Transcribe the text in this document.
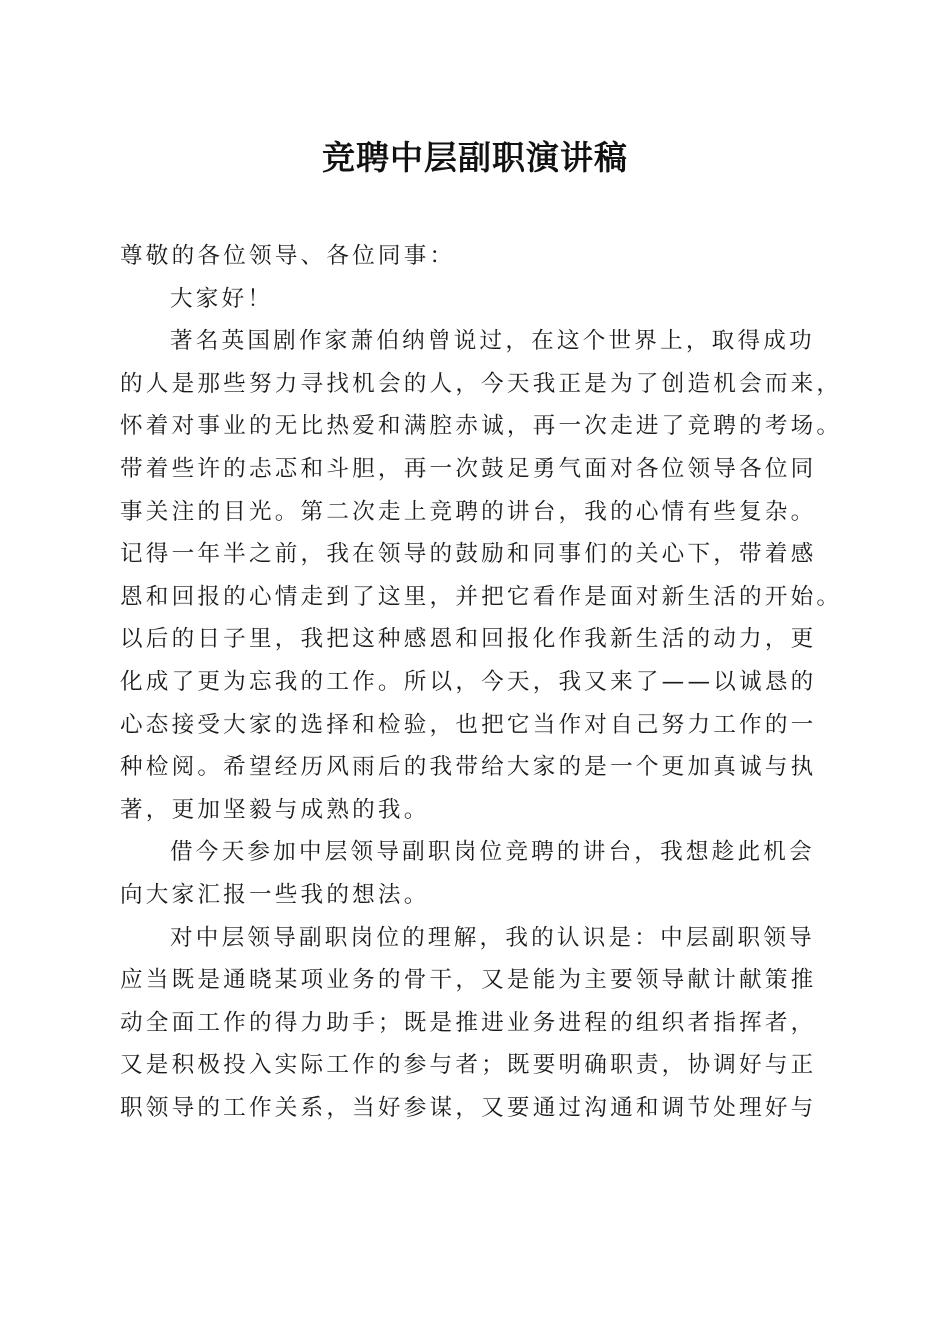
竞聘中层副职演讲稿
尊敬的各位领导、各位同事：
大家好！
著名英国剧作家萧伯纳曾说过，在这个世界上，取得成功
的人是那些努力寻找机会的人，今天我正是为了创造机会而来，
怀着对事业的无比热爱和满腔赤诚，再一次走进了竞聘的考场。
带着些许的忐忑和斗胆，再一次鼓足勇气面对各位领导各位同
事关注的目光。第二次走上竞聘的讲台，我的心情有些复杂。
记得一年半之前，我在领导的鼓励和同事们的关心下，带着感
恩和回报的心情走到了这里，并把它看作是面对新生活的开始。
以后的日子里，我把这种感恩和回报化作我新生活的动力，更
化成了更为忘我的工作。所以，今天，我又来了——以诚恳的
心态接受大家的选择和检验，也把它当作对自己努力工作的一
种检阅。希望经历风雨后的我带给大家的是一个更加真诚与执
著，更加坚毅与成熟的我。
借今天参加中层领导副职岗位竞聘的讲台，我想趁此机会
向大家汇报一些我的想法。
对中层领导副职岗位的理解，我的认识是：中层副职领导
应当既是通晓某项业务的骨干，又是能为主要领导献计献策推
动全面工作的得力助手；既是推进业务进程的组织者指挥者，
又是积极投入实际工作的参与者；既要明确职责，协调好与正
职领导的工作关系，当好参谋，又要通过沟通和调节处理好与
